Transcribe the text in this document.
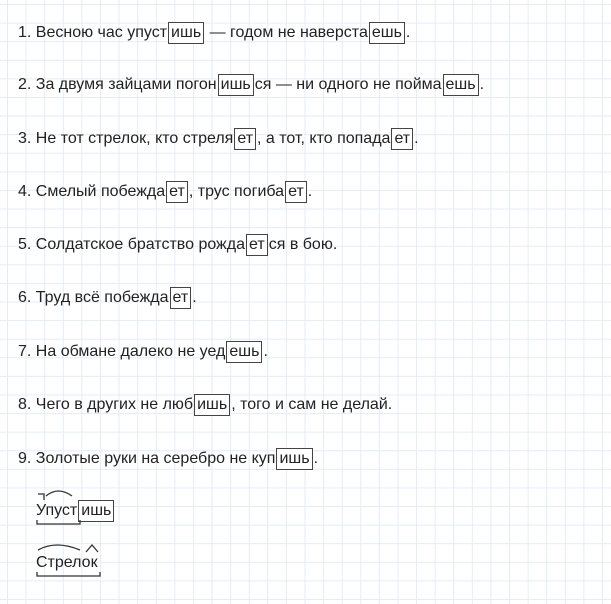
1. Весною час упуст ишь — годом не наверста ешь .
2. За двумя зайцами погон ишь ся — ни одного не пойма ешь .
3. Не тот стрелок, кто стреля ет , а тот, кто попада ет .
4. Смелый побежда ет , трус погиба ет .
5. Солдатское братство рожда ет ся в бою.
6. Труд всё побежда ет .
7. На обмане далеко не уед ешь .
8. Чего в других не люб ишь , того и сам не делай.
9. Золотые руки на серебро не куп ишь .
Упуст ишь
Стрелок
